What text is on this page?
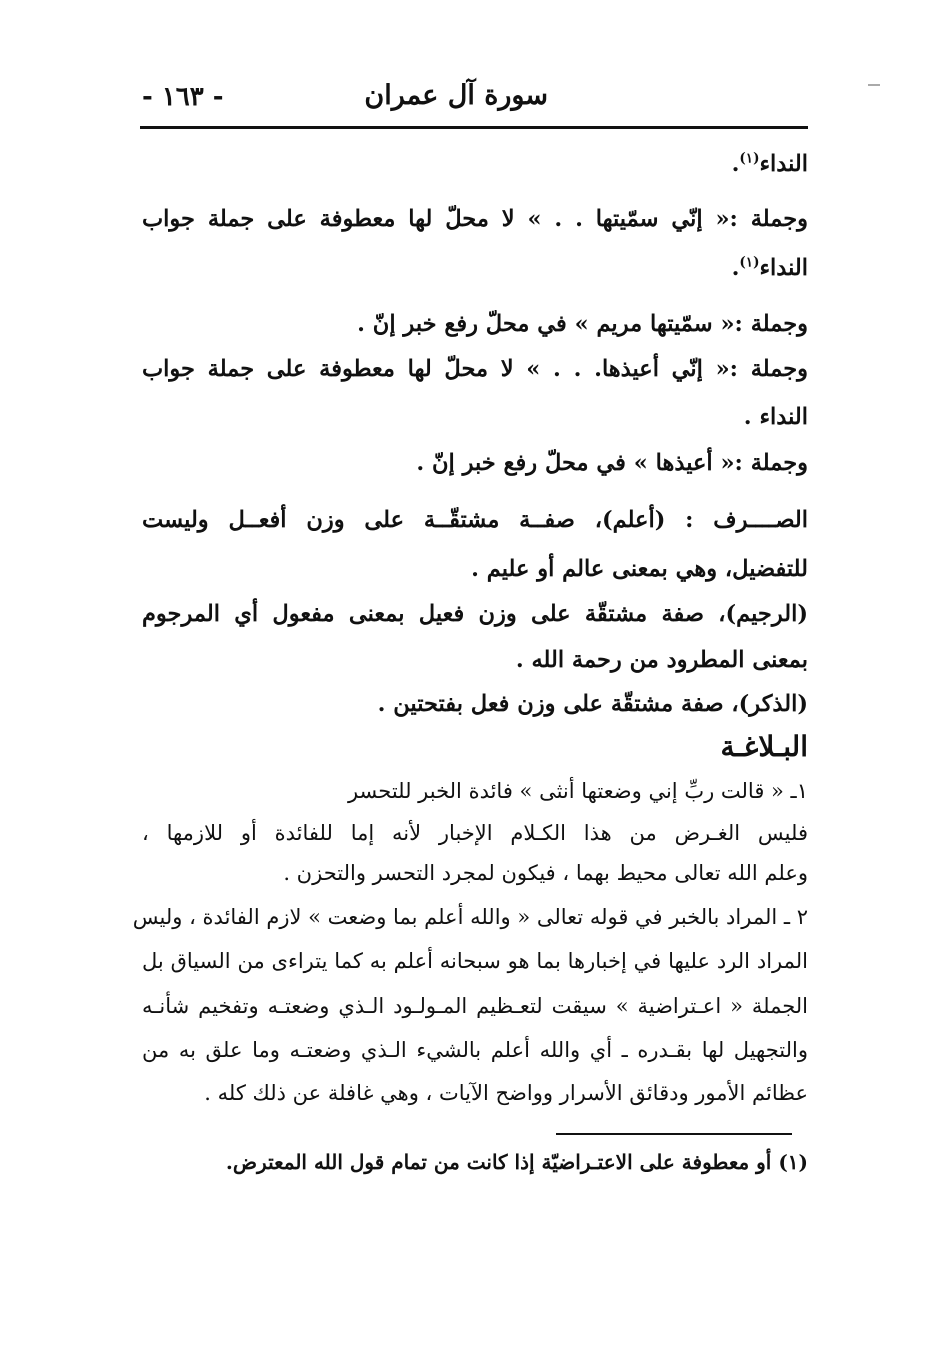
سورة آل عمران
- ١٦٣ -
النداء$^{(١)}$.
وجملة :« إنّي سمّيتها . . » لا محلّ لها معطوفة على جملة جواب
النداء$^{(١)}$.
وجملة :« سمّيتها مريم » في محلّ رفع خبر إنّ .
وجملة :« إنّي أعيذها. . . » لا محلّ لها معطوفة على جملة جواب
النداء .
وجملة :« أعيذها » في محلّ رفع خبر إنّ .
الصــــرف : (أعلم)، صفــة مشتقّــة على وزن أفعــل وليست
للتفضيل، وهي بمعنى عالم أو عليم .
(الرجيم)، صفة مشتقّة على وزن فعيل بمعنى مفعول أي المرجوم
بمعنى المطرود من رحمة الله .
(الذكر)، صفة مشتقّة على وزن فعل بفتحتين .
البـلاغـة
١ـ « قالت ربِّ إني وضعتها أنثى » فائدة الخبر للتحسر
فليس الغـرض من هذا الكـلام الإخبار لأنه إما للفائدة أو للازمها ،
وعلم الله تعالى محيط بهما ، فيكون لمجرد التحسر والتحزن .
٢ ـ المراد بالخبر في قوله تعالى « والله أعلم بما وضعت » لازم الفائدة ، وليس
المراد الرد عليها في إخبارها بما هو سبحانه أعلم به كما يتراءى من السياق بل
الجملة « اعـتراضية » سيقت لتعـظيم المـولـود الـذي وضعتـه وتفخيم شأنـه
والتجهيل لها بقـدره ـ أي والله أعلم بالشيء الـذي وضعتـه وما علق به من
عظائم الأمور ودقائق الأسرار وواضح الآيات ، وهي غافلة عن ذلك كله .
(١) أو معطوفة على الاعتـراضيّة إذا كانت من تمام قول الله المعترض.
